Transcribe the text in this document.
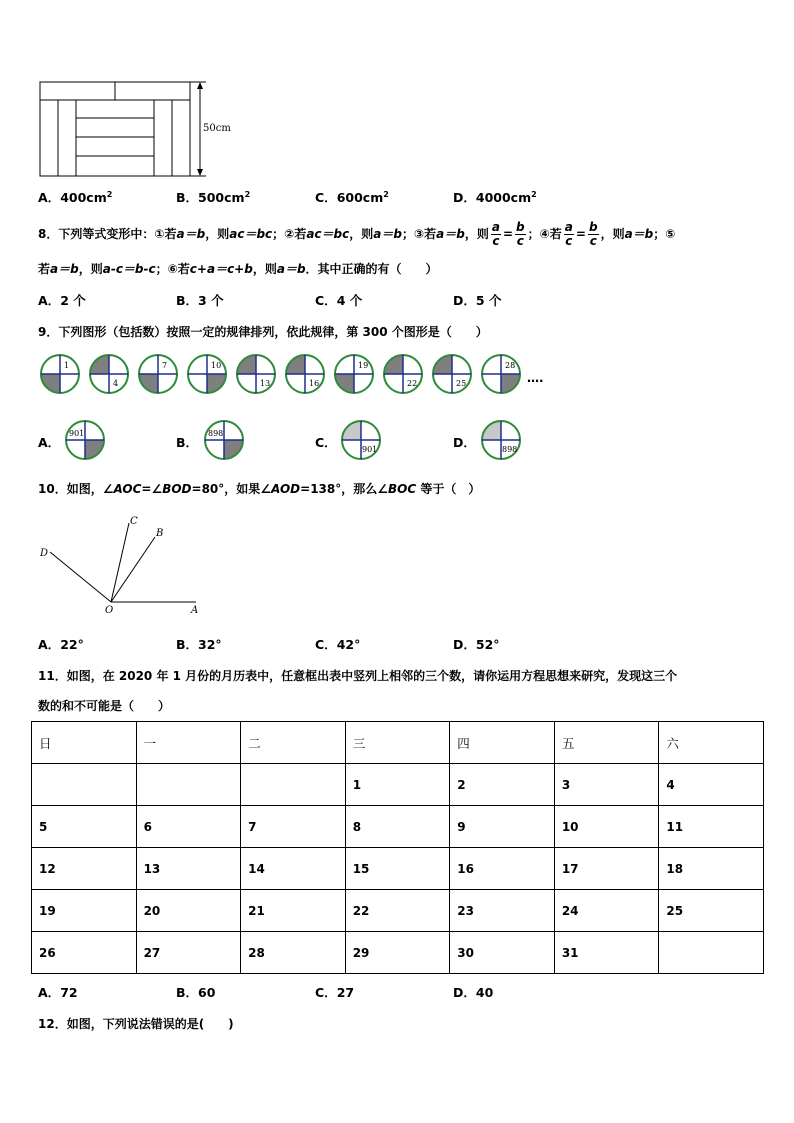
50cm
A．$400cm^2$	B．$500cm^2$	C．$600cm^2$	D．$4000cm^2$
8．下列等式变形中：①若a＝b，则ac＝bc；②若ac＝bc，则a＝b；③若a＝b，则 $\frac{a}{c} = \frac{b}{c}$ ；④若 $\frac{a}{c} = \frac{b}{c}$ ，则a＝b；⑤
若a＝b，则a-c＝b-c；⑥若c+a＝c+b，则a＝b．其中正确的有（　　）
A．2 个	B．3 个	C．4 个	D．5 个
9．下列图形（包括数）按照一定的规律排列，依此规律，第 300 个图形是（　　）
1
4
7	10
13	16
19
22	25
28
….
A．	B．	C．	D．
901	898
901	898
10．如图，∠AOC=∠BOD=80°，如果∠AOD=138°，那么∠BOC 等于（　）
O	A
B
C
D
A．22°	B．32°	C．42°	D．52°
11．如图，在 2020 年 1 月份的月历表中，任意框出表中竖列上相邻的三个数，请你运用方程思想来研究，发现这三个
数的和不可能是（　　）
日	一	二	三	四	五	六
			1	2	3	4
5	6	7	8	9	10	11
12	13	14	15	16	17	18
19	20	21	22	23	24	25
26	27	28	29	30	31	
A．72	B．60	C．27	D．40
12．如图，下列说法错误的是(　　)
